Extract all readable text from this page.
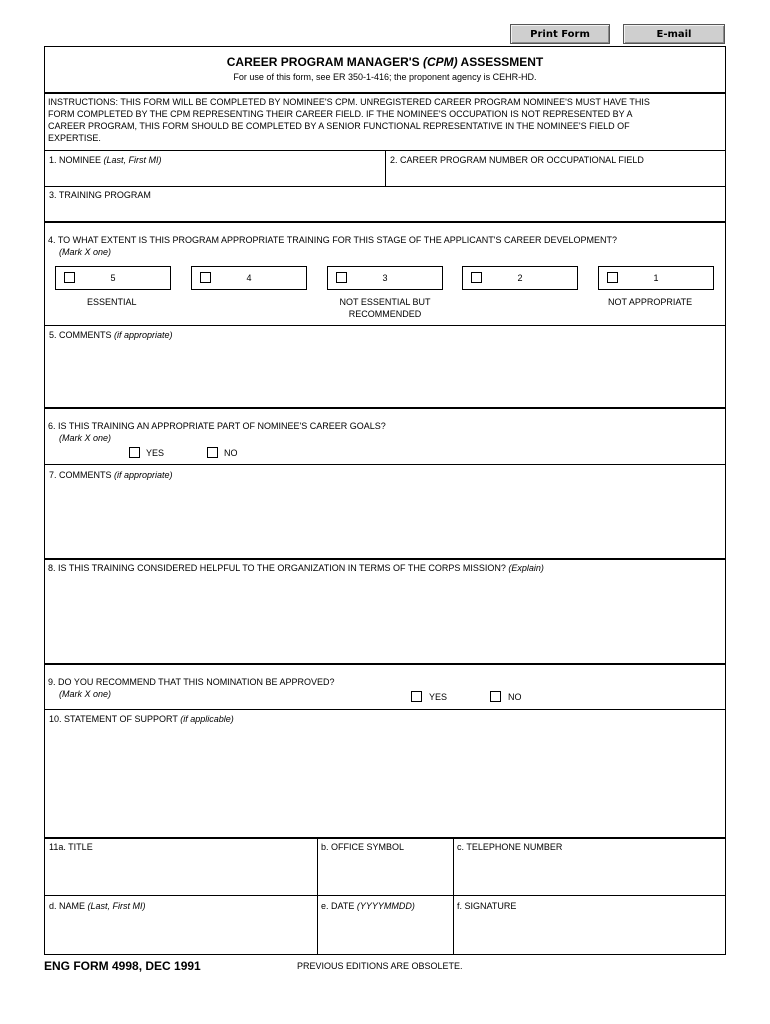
Print Form	E-mail
CAREER PROGRAM MANAGER'S (CPM) ASSESSMENT
For use of this form, see ER 350-1-416; the proponent agency is CEHR-HD.
INSTRUCTIONS: THIS FORM WILL BE COMPLETED BY NOMINEE'S CPM. UNREGISTERED CAREER PROGRAM NOMINEE'S MUST HAVE THIS
FORM COMPLETED BY THE CPM REPRESENTING THEIR CAREER FIELD. IF THE NOMINEE'S OCCUPATION IS NOT REPRESENTED BY A
CAREER PROGRAM, THIS FORM SHOULD BE COMPLETED BY A SENIOR FUNCTIONAL REPRESENTATIVE IN THE NOMINEE'S FIELD OF
EXPERTISE.
1. NOMINEE (Last, First MI)	2. CAREER PROGRAM NUMBER OR OCCUPATIONAL FIELD
3. TRAINING PROGRAM
4. TO WHAT EXTENT IS THIS PROGRAM APPROPRIATE TRAINING FOR THIS STAGE OF THE APPLICANT'S CAREER DEVELOPMENT?
(Mark X one)
5	4	3	2	1
ESSENTIAL	NOT ESSENTIAL BUT
RECOMMENDED
NOT APPROPRIATE
5. COMMENTS (if appropriate)
6. IS THIS TRAINING AN APPROPRIATE PART OF NOMINEE'S CAREER GOALS?
(Mark X one)
YES	NO
7. COMMENTS (if appropriate)
8. IS THIS TRAINING CONSIDERED HELPFUL TO THE ORGANIZATION IN TERMS OF THE CORPS MISSION? (Explain)
9. DO YOU RECOMMEND THAT THIS NOMINATION BE APPROVED?
(Mark X one)	YES	NO
10. STATEMENT OF SUPPORT (if applicable)
11a. TITLE	b. OFFICE SYMBOL	c. TELEPHONE NUMBER
d. NAME (Last, First MI)	e. DATE (YYYYMMDD)	f. SIGNATURE
ENG FORM 4998, DEC 1991	PREVIOUS EDITIONS ARE OBSOLETE.
